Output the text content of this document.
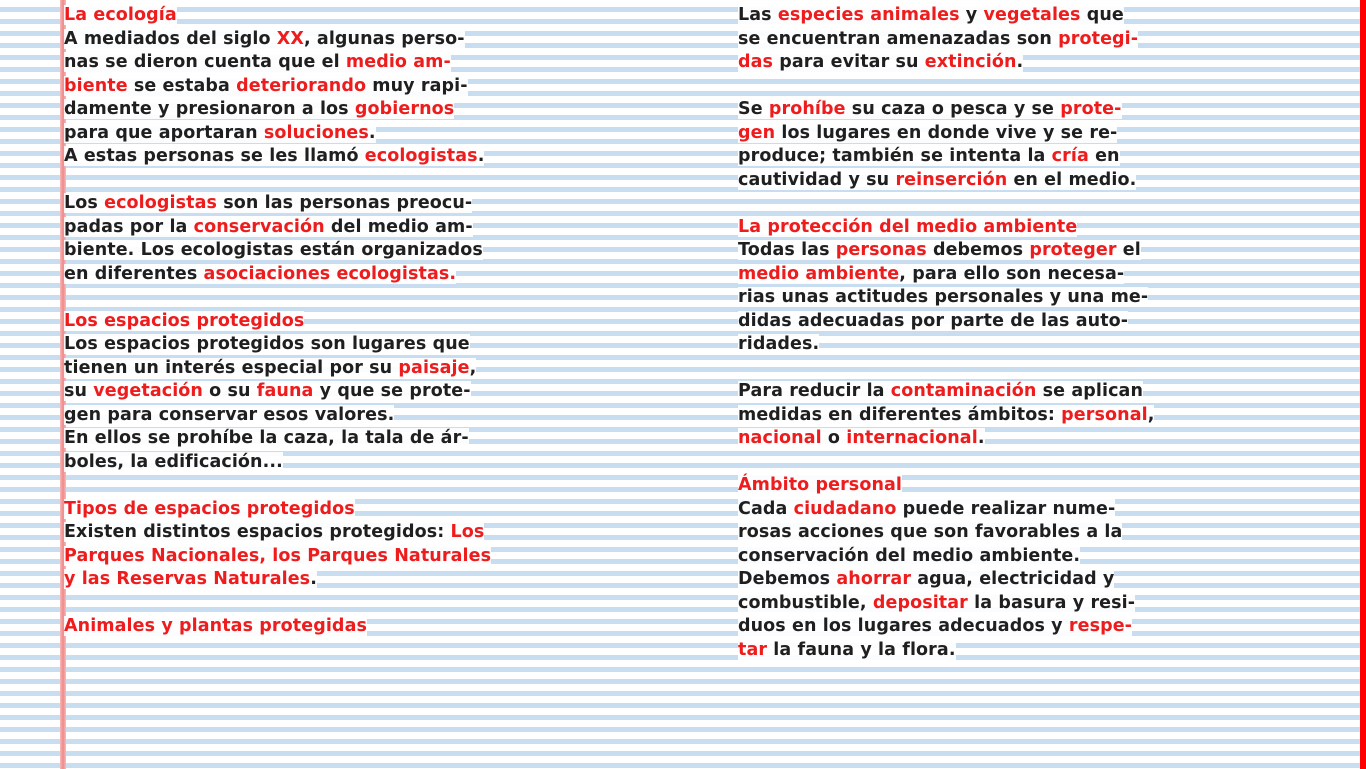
La ecología
A mediados del siglo XX, algunas perso-
nas se dieron cuenta que el medio am-
biente se estaba deteriorando muy rapi-
damente y presionaron a los gobiernos
para que aportaran soluciones.
A estas personas se les llamó ecologistas.
Los ecologistas son las personas preocu-
padas por la conservación del medio am-
biente. Los ecologistas están organizados
en diferentes asociaciones ecologistas.
Los espacios protegidos
Los espacios protegidos son lugares que
tienen un interés especial por su paisaje,
su vegetación o su fauna y que se prote-
gen para conservar esos valores.
En ellos se prohíbe la caza, la tala de ár-
boles, la edificación...
Tipos de espacios protegidos
Existen distintos espacios protegidos: Los
Parques Nacionales, los Parques Naturales
y las Reservas Naturales.
Animales y plantas protegidas
Las especies animales y vegetales que
se encuentran amenazadas son protegi-
das para evitar su extinción.
Se prohíbe su caza o pesca y se prote-
gen los lugares en donde vive y se re-
produce; también se intenta la cría en
cautividad y su reinserción en el medio.
La protección del medio ambiente
Todas las personas debemos proteger el
medio ambiente, para ello son necesa-
rias unas actitudes personales y una me-
didas adecuadas por parte de las auto-
ridades.
Para reducir la contaminación se aplican
medidas en diferentes ámbitos: personal,
nacional o internacional.
Ámbito personal
Cada ciudadano puede realizar nume-
rosas acciones que son favorables a la
conservación del medio ambiente.
Debemos ahorrar agua, electricidad y
combustible, depositar la basura y resi-
duos en los lugares adecuados y respe-
tar la fauna y la flora.
